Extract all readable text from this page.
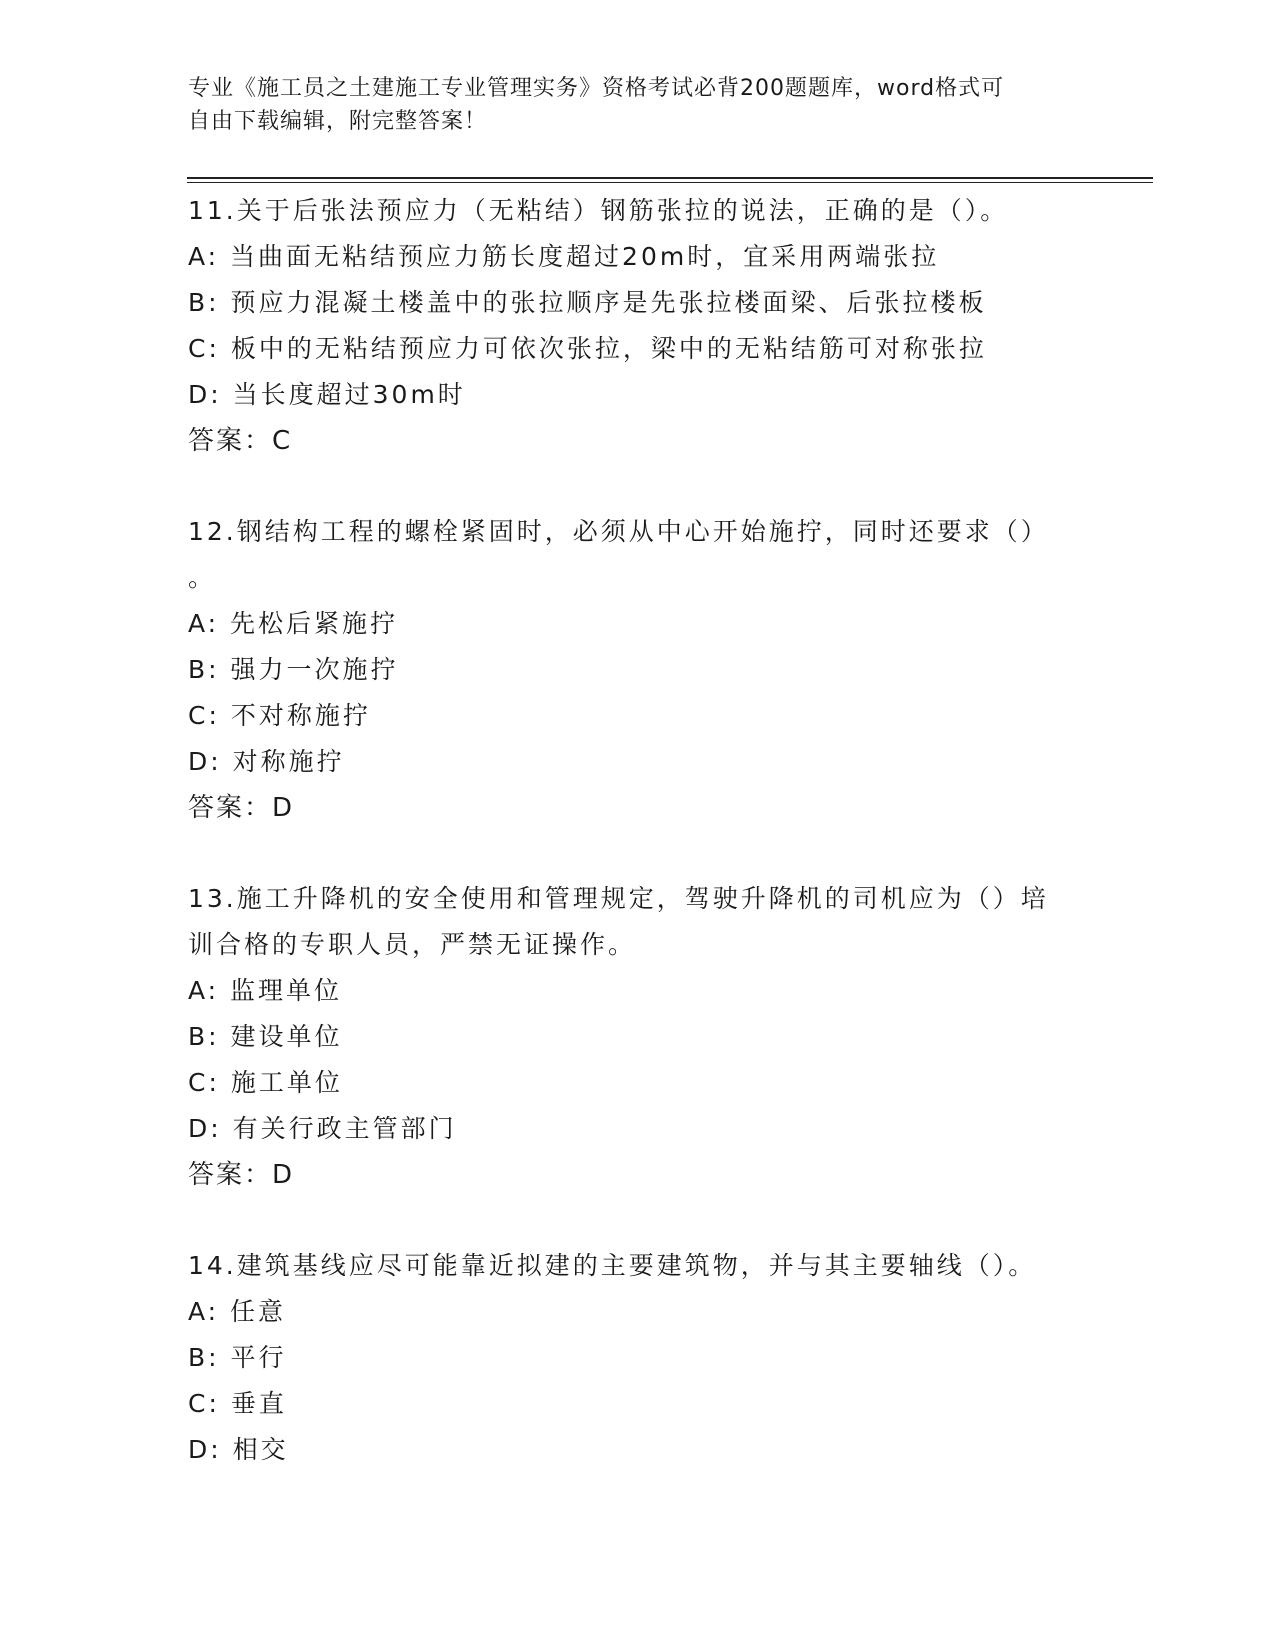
专业《施工员之土建施工专业管理实务》资格考试必背200题题库，word格式可
自由下载编辑，附完整答案！

11.关于后张法预应力（无粘结）钢筋张拉的说法，正确的是（）。

A: 当曲面无粘结预应力筋长度超过20m时，宜采用两端张拉

B: 预应力混凝土楼盖中的张拉顺序是先张拉楼面梁、后张拉楼板

C: 板中的无粘结预应力可依次张拉，梁中的无粘结筋可对称张拉

D: 当长度超过30m时

答案：C

12.钢结构工程的螺栓紧固时，必须从中心开始施拧，同时还要求（）

。

A: 先松后紧施拧

B: 强力一次施拧

C: 不对称施拧

D: 对称施拧

答案：D

13.施工升降机的安全使用和管理规定，驾驶升降机的司机应为（）培

训合格的专职人员，严禁无证操作。

A: 监理单位

B: 建设单位

C: 施工单位

D: 有关行政主管部门

答案：D

14.建筑基线应尽可能靠近拟建的主要建筑物，并与其主要轴线（）。

A: 任意

B: 平行

C: 垂直

D: 相交
